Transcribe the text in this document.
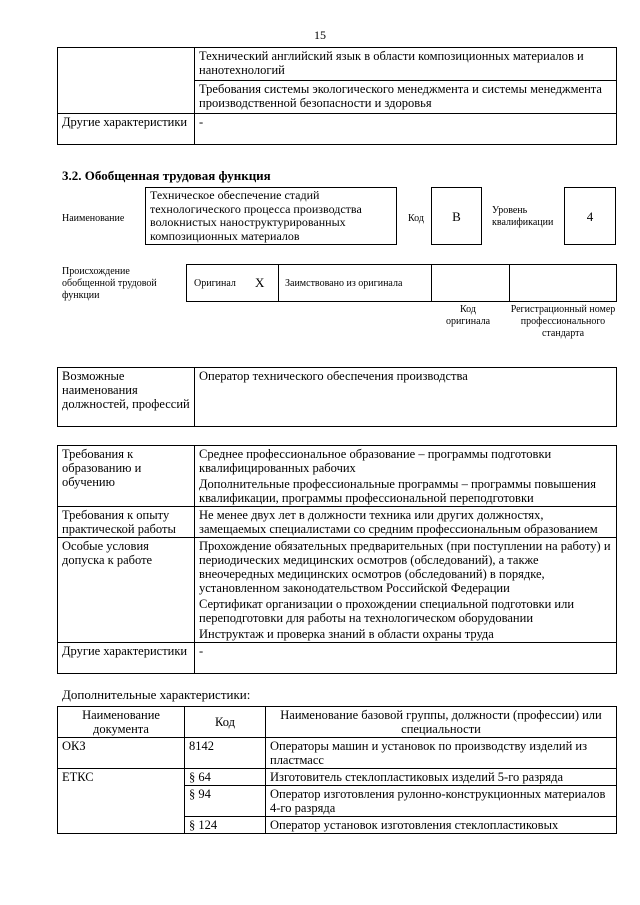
15
	Технический английский язык в области композиционных материалов и нанотехнологий
	Требования системы экологического менеджмента и системы менеджмента производственной безопасности и здоровья
Другие характеристики	-
3.2. Обобщенная трудовая функция
Наименование
Техническое обеспечение стадий технологического процесса производства волокнистых наноструктурированных композиционных материалов
Код	B	Уровень квалификации	4
Происхождение обобщенной трудовой функции
Оригинал X Заимствовано из оригинала
Код оригинала
Регистрационный номер профессионального стандарта
Возможные наименования должностей, профессий	Оператор технического обеспечения производства
Требования к образованию и обучению	Среднее профессиональное образование – программы подготовки квалифицированных рабочих
	Дополнительные профессиональные программы – программы повышения квалификации, программы профессиональной переподготовки
Требования к опыту практической работы	Не менее двух лет в должности техника или других должностях, замещаемых специалистами со средним профессиональным образованием
Особые условия допуска к работе	Прохождение обязательных предварительных (при поступлении на работу) и периодических медицинских осмотров (обследований), а также внеочередных медицинских осмотров (обследований) в порядке, установленном законодательством Российской Федерации
	Сертификат организации о прохождении специальной подготовки или переподготовки для работы на технологическом оборудовании
	Инструктаж и проверка знаний в области охраны труда
Другие характеристики	-
Дополнительные характеристики:
Наименование документа	Код	Наименование базовой группы, должности (профессии) или специальности
ОКЗ	8142	Операторы машин и установок по производству изделий из пластмасс
ЕТКС	§ 64	Изготовитель стеклопластиковых изделий 5-го разряда
	§ 94	Оператор изготовления рулонно-конструкционных материалов 4-го разряда
	§ 124	Оператор установок изготовления стеклопластиковых
